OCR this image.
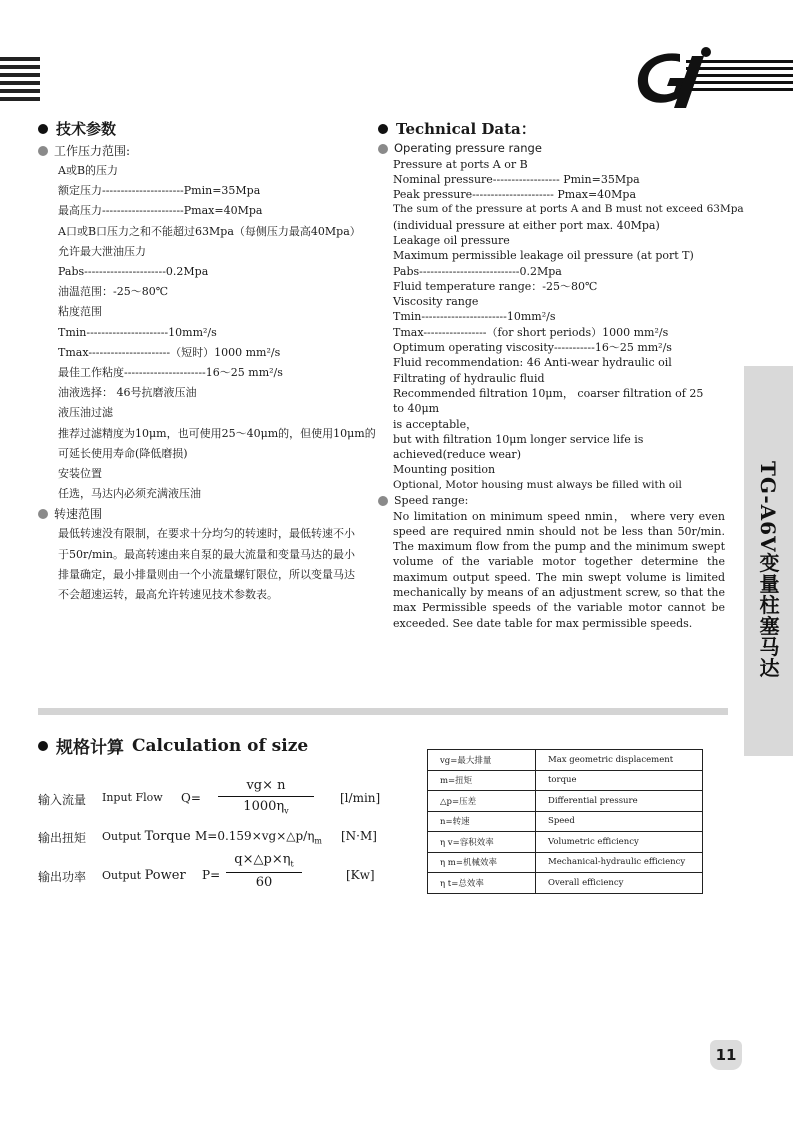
技术参数
工作压力范围:
A或B的压力
额定压力----------------------Pmin=35Mpa
最高压力----------------------Pmax=40Mpa
A口或B口压力之和不能超过63Mpa（每侧压力最高40Mpa）
允许最大泄油压力
Pabs----------------------0.2Mpa
油温范围：-25～80℃
粘度范围
Tmin----------------------10mm²/s
Tmax----------------------（短时）1000 mm²/s
最佳工作粘度----------------------16～25 mm²/s
油液选择： 46号抗磨液压油
液压油过滤
推荐过滤精度为10μm，也可使用25～40μm的，但使用10μm的可延长使用寿命(降低磨损)
安装位置
任选，马达内必须充满液压油
转速范围
最低转速没有限制，在要求十分均匀的转速时，最低转速不小于50r/min。最高转速由来自泵的最大流量和变量马达的最小排量确定，最小排量则由一个小流量螺钉限位，所以变量马达不会超速运转，最高允许转速见技术参数表。
Technical Data ：
Operating pressure range
Pressure at ports A or B
Nominal pressure------------------ Pmin=35Mpa
Peak pressure---------------------- Pmax=40Mpa
The sum of the pressure at ports A and B must not exceed 63Mpa
(individual pressure at either port max. 40Mpa)
Leakage oil pressure
Maximum permissible leakage oil pressure (at port T)
Pabs---------------------------0.2Mpa
Fluid temperature range：-25～80℃
Viscosity range
Tmin-----------------------10mm²/s
Tmax-----------------（for short periods）1000 mm²/s
Optimum operating viscosity-----------16～25 mm²/s
Fluid recommendation: 46 Anti-wear hydraulic oil
Filtrating of hydraulic fluid
Recommended filtration 10μm， coarser filtration of 25 to 40μm
is acceptable，
but with filtration 10μm longer service life is
achieved(reduce wear)
Mounting position
Optional, Motor housing must always be filled with oil
Speed range:
No limitation on minimum speed nmin， where very even speed are required nmin should not be less than 50r/min. The maximum flow from the pump and the minimum swept volume of the variable motor together determine the maximum output speed. The min swept volume is limited mechanically by means of an adjustment screw, so that the max Permissible speeds of the variable motor cannot be exceeded. See date table for max permissible speeds.	TG-A6V变量柱塞马达
规格计算 Calculation of size
输入流量 Input Flow $Q= \frac{vg\times n}{1000\eta_v} [l/\min]$
输出扭矩 Output Torque $M=0.159\times vg\times\triangle p/\eta_m$ [N·M]
输出功率 Output Power $P= \frac{q\times\triangle p\times\eta_t}{60}$	[Kw]
vg=最大排量	Max geometric displacement
m=扭矩	torque
△p=压差	Differential pressure
n=转速	Speed
η v=容积效率	Volumetric efficiency
η m=机械效率	Mechanical-hydraulic efficiency
η t=总效率	Overall efficiency
11
